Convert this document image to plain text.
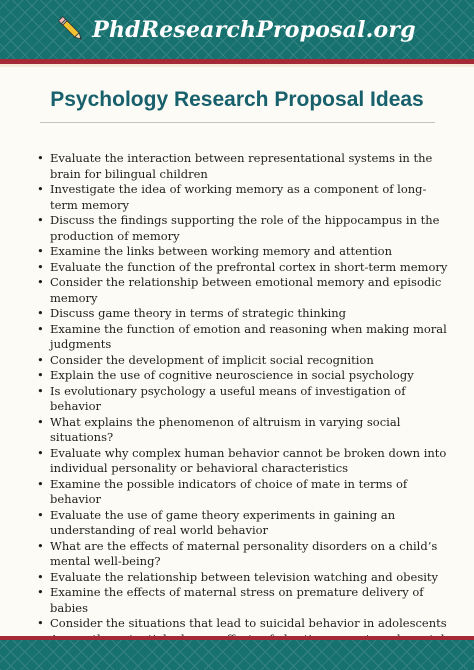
PhdResearchProposal.org
Psychology Research Proposal Ideas
• Evaluate the interaction between representational systems in the brain for bilingual children
• Investigate the idea of working memory as a component of long-term memory
• Discuss the findings supporting the role of the hippocampus in the production of memory
• Examine the links between working memory and attention
• Evaluate the function of the prefrontal cortex in short-term memory
• Consider the relationship between emotional memory and episodic memory
• Discuss game theory in terms of strategic thinking
• Examine the function of emotion and reasoning when making moral judgments
• Consider the development of implicit social recognition
• Explain the use of cognitive neuroscience in social psychology
• Is evolutionary psychology a useful means of investigation of behavior
• What explains the phenomenon of altruism in varying social situations?
• Evaluate why complex human behavior cannot be broken down into individual personality or behavioral characteristics
• Examine the possible indicators of choice of mate in terms of behavior
• Evaluate the use of game theory experiments in gaining an understanding of real world behavior
• What are the effects of maternal personality disorders on a child’s mental well-being?
• Evaluate the relationship between television watching and obesity
• Examine the effects of maternal stress on premature delivery of babies
• Consider the situations that lead to suicidal behavior in adolescents
•
